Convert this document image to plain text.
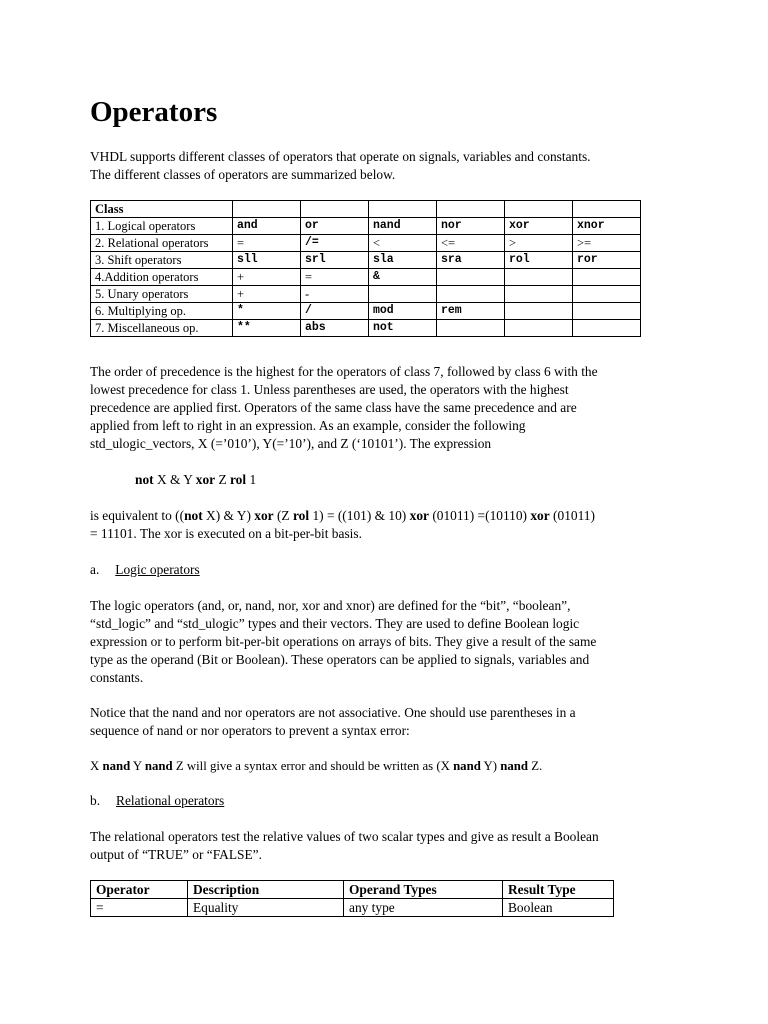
Operators

VHDL supports different classes of operators that operate on signals, variables and constants.

The different classes of operators are summarized below.

Class						
1. Logical operators	and	or	nand	nor	xor	xnor
2. Relational operators	=	/=	<	<=	>	>=
3. Shift operators	sll	srl	sla	sra	rol	ror
4.Addition operators	+	=	&			
5. Unary operators	+	-				
6. Multiplying op.	*	/	mod	rem		
7. Miscellaneous op.	**	abs	not			

The order of precedence is the highest for the operators of class 7, followed by class 6 with the

lowest precedence for class 1. Unless parentheses are used, the operators with the highest

precedence are applied first. Operators of the same class have the same precedence and are

applied from left to right in an expression. As an example, consider the following

std_ulogic_vectors, X (=’010’), Y(=’10’), and Z (‘10101’). The expression

not X & Y xor Z rol 1

is equivalent to ((not X) & Y) xor (Z rol 1) = ((101) & 10) xor (01011) =(10110) xor (01011)

= 11101. The xor is executed on a bit-per-bit basis.

a. Logic operators

The logic operators (and, or, nand, nor, xor and xnor) are defined for the “bit”, “boolean”,

“std_logic” and “std_ulogic” types and their vectors. They are used to define Boolean logic

expression or to perform bit-per-bit operations on arrays of bits. They give a result of the same

type as the operand (Bit or Boolean). These operators can be applied to signals, variables and

constants.

Notice that the nand and nor operators are not associative. One should use parentheses in a

sequence of nand or nor operators to prevent a syntax error:

X nand Y nand Z will give a syntax error and should be written as (X nand Y) nand Z.

b. Relational operators

The relational operators test the relative values of two scalar types and give as result a Boolean

output of “TRUE” or “FALSE”.

Operator	Description	Operand Types	Result Type
=	Equality	any type	Boolean
